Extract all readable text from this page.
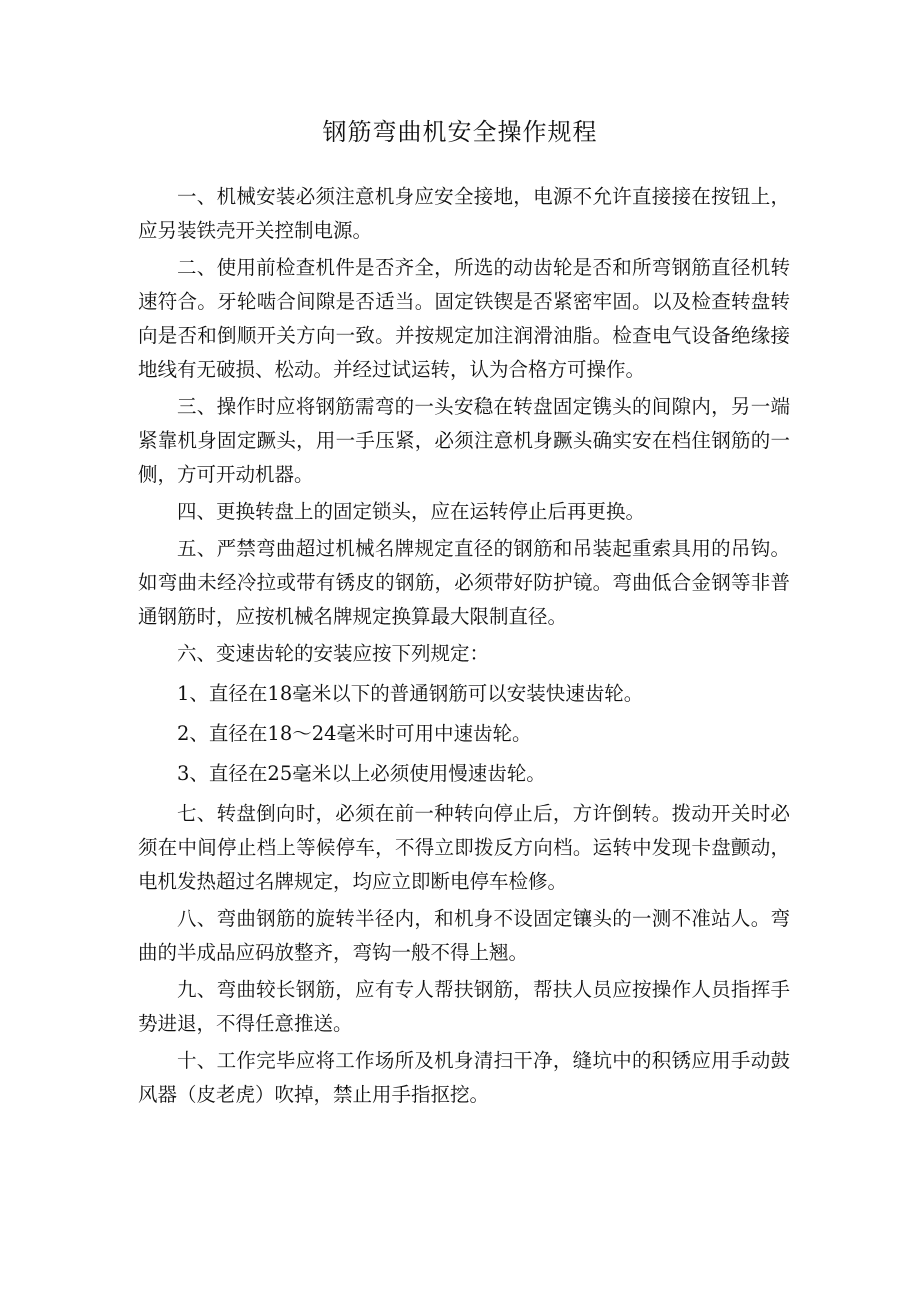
钢筋弯曲机安全操作规程

一、机械安装必须注意机身应安全接地，电源不允许直接接在按钮上，应另装铁壳开关控制电源。

二、使用前检查机件是否齐全，所选的动齿轮是否和所弯钢筋直径机转速符合。牙轮啮合间隙是否适当。固定铁锲是否紧密牢固。以及检查转盘转向是否和倒顺开关方向一致。并按规定加注润滑油脂。检查电气设备绝缘接地线有无破损、松动。并经过试运转，认为合格方可操作。

三、操作时应将钢筋需弯的一头安稳在转盘固定镌头的间隙内，另一端紧靠机身固定蹶头，用一手压紧，必须注意机身蹶头确实安在档住钢筋的一侧，方可开动机器。

四、更换转盘上的固定锁头，应在运转停止后再更换。

五、严禁弯曲超过机械名牌规定直径的钢筋和吊装起重索具用的吊钩。如弯曲未经冷拉或带有锈皮的钢筋，必须带好防护镜。弯曲低合金钢等非普通钢筋时，应按机械名牌规定换算最大限制直径。

六、变速齿轮的安装应按下列规定：

1、直径在18毫米以下的普通钢筋可以安装快速齿轮。

2、直径在18～24毫米时可用中速齿轮。

3、直径在25毫米以上必须使用慢速齿轮。

七、转盘倒向时，必须在前一种转向停止后，方许倒转。拨动开关时必须在中间停止档上等候停车，不得立即拨反方向档。运转中发现卡盘颤动，电机发热超过名牌规定，均应立即断电停车检修。

八、弯曲钢筋的旋转半径内，和机身不设固定镶头的一测不准站人。弯曲的半成品应码放整齐，弯钩一般不得上翘。

九、弯曲较长钢筋，应有专人帮扶钢筋，帮扶人员应按操作人员指挥手势进退，不得任意推送。

十、工作完毕应将工作场所及机身清扫干净，缝坑中的积锈应用手动鼓风器（皮老虎）吹掉，禁止用手指抠挖。
